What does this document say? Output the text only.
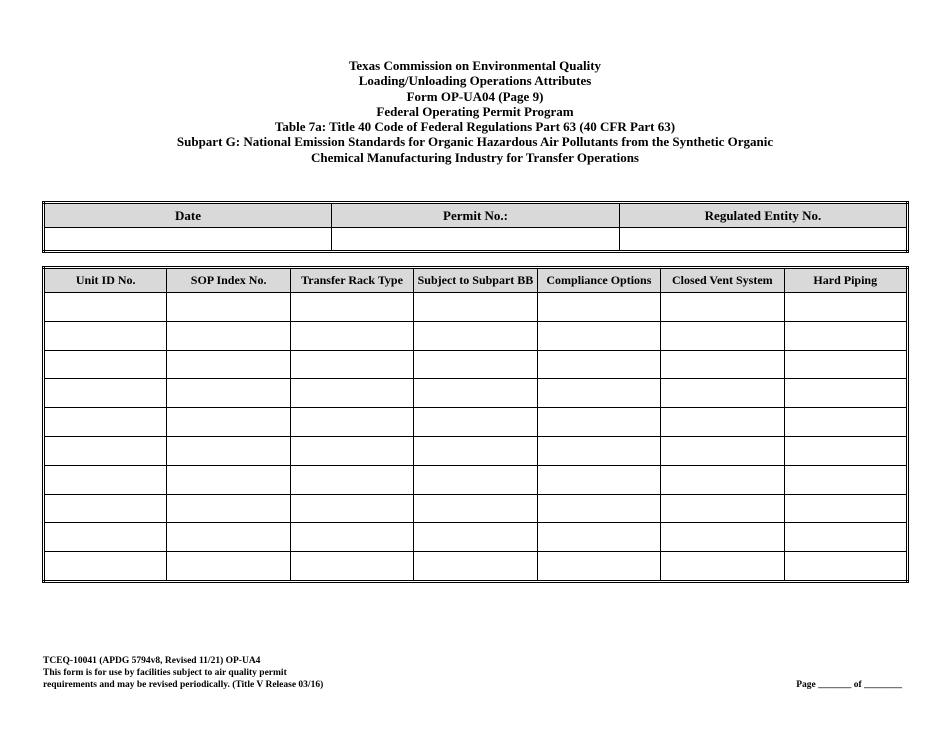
Texas Commission on Environmental Quality
Loading/Unloading Operations Attributes
Form OP-UA04 (Page 9)
Federal Operating Permit Program
Table 7a: Title 40 Code of Federal Regulations Part 63 (40 CFR Part 63)
Subpart G: National Emission Standards for Organic Hazardous Air Pollutants from the Synthetic Organic
Chemical Manufacturing Industry for Transfer Operations
Date	Permit No.:	Regulated Entity No.

Unit ID No.	SOP Index No.	Transfer Rack Type	Subject to Subpart BB	Compliance Options	Closed Vent System	Hard Piping

TCEQ-10041 (APDG 5794v8, Revised 11/21) OP-UA4
This form is for use by facilities subject to air quality permit
requirements and may be revised periodically. (Title V Release 03/16)	Page _______ of ________
